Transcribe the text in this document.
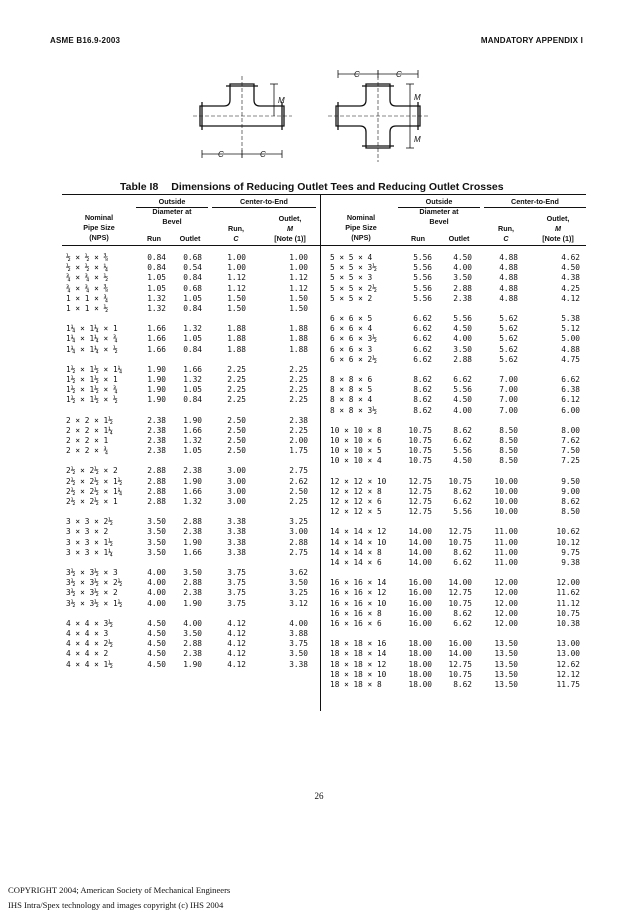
ASME B16.9-2003	MANDATORY APPENDIX I
C	C
M
C	C
M
M
Table I8 Dimensions of Reducing Outlet Tees and Reducing Outlet Crosses
Nominal
Pipe Size
(NPS)
Outside
Diameter at
Bevel
Center-to-End
Run	Outlet
Run,
C
Outlet,
M
[Note (1)]
Nominal
Pipe Size
(NPS)
Outside
Diameter at
Bevel
Center-to-End
Run	Outlet
Run,
C
Outlet,
M
[Note (1)]
½ × ½ × ⅜	0.84	0.68	1.00	1.00
½ × ½ × ¼	0.84	0.54	1.00	1.00
¾ × ¾ × ½	1.05	0.84	1.12	1.12
¾ × ¾ × ⅜	1.05	0.68	1.12	1.12
1 × 1 × ¾	1.32	1.05	1.50	1.50
1 × 1 × ½	1.32	0.84	1.50	1.50
1¼ × 1¼ × 1	1.66	1.32	1.88	1.88
1¼ × 1¼ × ¾	1.66	1.05	1.88	1.88
1¼ × 1¼ × ½	1.66	0.84	1.88	1.88
1½ × 1½ × 1¼	1.90	1.66	2.25	2.25
1½ × 1½ × 1	1.90	1.32	2.25	2.25
1½ × 1½ × ¾	1.90	1.05	2.25	2.25
1½ × 1½ × ½	1.90	0.84	2.25	2.25
2 × 2 × 1½	2.38	1.90	2.50	2.38
2 × 2 × 1¼	2.38	1.66	2.50	2.25
2 × 2 × 1	2.38	1.32	2.50	2.00
2 × 2 × ¾	2.38	1.05	2.50	1.75
2½ × 2½ × 2	2.88	2.38	3.00	2.75
2½ × 2½ × 1½	2.88	1.90	3.00	2.62
2½ × 2½ × 1¼	2.88	1.66	3.00	2.50
2½ × 2½ × 1	2.88	1.32	3.00	2.25
3 × 3 × 2½	3.50	2.88	3.38	3.25
3 × 3 × 2	3.50	2.38	3.38	3.00
3 × 3 × 1½	3.50	1.90	3.38	2.88
3 × 3 × 1¼	3.50	1.66	3.38	2.75
3½ × 3½ × 3	4.00	3.50	3.75	3.62
3½ × 3½ × 2½	4.00	2.88	3.75	3.50
3½ × 3½ × 2	4.00	2.38	3.75	3.25
3½ × 3½ × 1½	4.00	1.90	3.75	3.12
4 × 4 × 3½	4.50	4.00	4.12	4.00
4 × 4 × 3	4.50	3.50	4.12	3.88
4 × 4 × 2½	4.50	2.88	4.12	3.75
4 × 4 × 2	4.50	2.38	4.12	3.50
4 × 4 × 1½	4.50	1.90	4.12	3.38
5 × 5 × 4	5.56	4.50	4.88	4.62
5 × 5 × 3½	5.56	4.00	4.88	4.50
5 × 5 × 3	5.56	3.50	4.88	4.38
5 × 5 × 2½	5.56	2.88	4.88	4.25
5 × 5 × 2	5.56	2.38	4.88	4.12
6 × 6 × 5	6.62	5.56	5.62	5.38
6 × 6 × 4	6.62	4.50	5.62	5.12
6 × 6 × 3½	6.62	4.00	5.62	5.00
6 × 6 × 3	6.62	3.50	5.62	4.88
6 × 6 × 2½	6.62	2.88	5.62	4.75
8 × 8 × 6	8.62	6.62	7.00	6.62
8 × 8 × 5	8.62	5.56	7.00	6.38
8 × 8 × 4	8.62	4.50	7.00	6.12
8 × 8 × 3½	8.62	4.00	7.00	6.00
10 × 10 × 8	10.75	8.62	8.50	8.00
10 × 10 × 6	10.75	6.62	8.50	7.62
10 × 10 × 5	10.75	5.56	8.50	7.50
10 × 10 × 4	10.75	4.50	8.50	7.25
12 × 12 × 10	12.75	10.75	10.00	9.50
12 × 12 × 8	12.75	8.62	10.00	9.00
12 × 12 × 6	12.75	6.62	10.00	8.62
12 × 12 × 5	12.75	5.56	10.00	8.50
14 × 14 × 12	14.00	12.75	11.00	10.62
14 × 14 × 10	14.00	10.75	11.00	10.12
14 × 14 × 8	14.00	8.62	11.00	9.75
14 × 14 × 6	14.00	6.62	11.00	9.38
16 × 16 × 14	16.00	14.00	12.00	12.00
16 × 16 × 12	16.00	12.75	12.00	11.62
16 × 16 × 10	16.00	10.75	12.00	11.12
16 × 16 × 8	16.00	8.62	12.00	10.75
16 × 16 × 6	16.00	6.62	12.00	10.38
18 × 18 × 16	18.00	16.00	13.50	13.00
18 × 18 × 14	18.00	14.00	13.50	13.00
18 × 18 × 12	18.00	12.75	13.50	12.62
18 × 18 × 10	18.00	10.75	13.50	12.12
18 × 18 × 8	18.00	8.62	13.50	11.75
26
COPYRIGHT 2004; American Society of Mechanical Engineers
IHS Intra/Spex technology and images copyright (c) IHS 2004
